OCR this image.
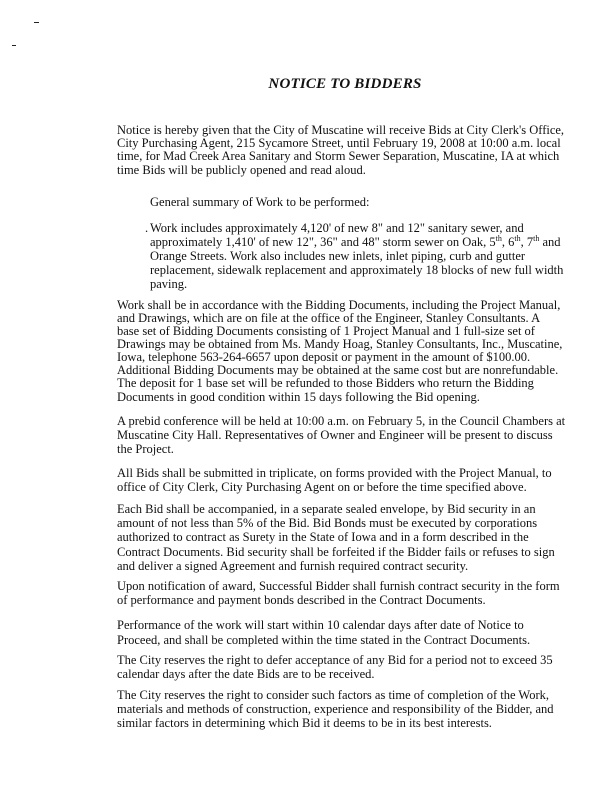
NOTICE TO BIDDERS
.
Notice is hereby given that the City of Muscatine will receive Bids at City Clerk's Office,
City Purchasing Agent, 215 Sycamore Street, until February 19, 2008 at 10:00 a.m. local
time, for Mad Creek Area Sanitary and Storm Sewer Separation, Muscatine, IA at which
time Bids will be publicly opened and read aloud.
General summary of Work to be performed:
Work includes approximately 4,120' of new 8" and 12" sanitary sewer, and
approximately 1,410' of new 12", 36" and 48" storm sewer on Oak, 5th, 6th, 7th and
Orange Streets. Work also includes new inlets, inlet piping, curb and gutter
replacement, sidewalk replacement and approximately 18 blocks of new full width
paving.
Work shall be in accordance with the Bidding Documents, including the Project Manual,
and Drawings, which are on file at the office of the Engineer, Stanley Consultants. A
base set of Bidding Documents consisting of 1 Project Manual and 1 full-size set of
Drawings may be obtained from Ms. Mandy Hoag, Stanley Consultants, Inc., Muscatine,
Iowa, telephone 563-264-6657 upon deposit or payment in the amount of $100.00.
Additional Bidding Documents may be obtained at the same cost but are nonrefundable.
The deposit for 1 base set will be refunded to those Bidders who return the Bidding
Documents in good condition within 15 days following the Bid opening.
A prebid conference will be held at 10:00 a.m. on February 5, in the Council Chambers at
Muscatine City Hall. Representatives of Owner and Engineer will be present to discuss
the Project.
All Bids shall be submitted in triplicate, on forms provided with the Project Manual, to
office of City Clerk, City Purchasing Agent on or before the time specified above.
Each Bid shall be accompanied, in a separate sealed envelope, by Bid security in an
amount of not less than 5% of the Bid. Bid Bonds must be executed by corporations
authorized to contract as Surety in the State of Iowa and in a form described in the
Contract Documents. Bid security shall be forfeited if the Bidder fails or refuses to sign
and deliver a signed Agreement and furnish required contract security.
Upon notification of award, Successful Bidder shall furnish contract security in the form
of performance and payment bonds described in the Contract Documents.
Performance of the work will start within 10 calendar days after date of Notice to
Proceed, and shall be completed within the time stated in the Contract Documents.
The City reserves the right to defer acceptance of any Bid for a period not to exceed 35
calendar days after the date Bids are to be received.
The City reserves the right to consider such factors as time of completion of the Work,
materials and methods of construction, experience and responsibility of the Bidder, and
similar factors in determining which Bid it deems to be in its best interests.
